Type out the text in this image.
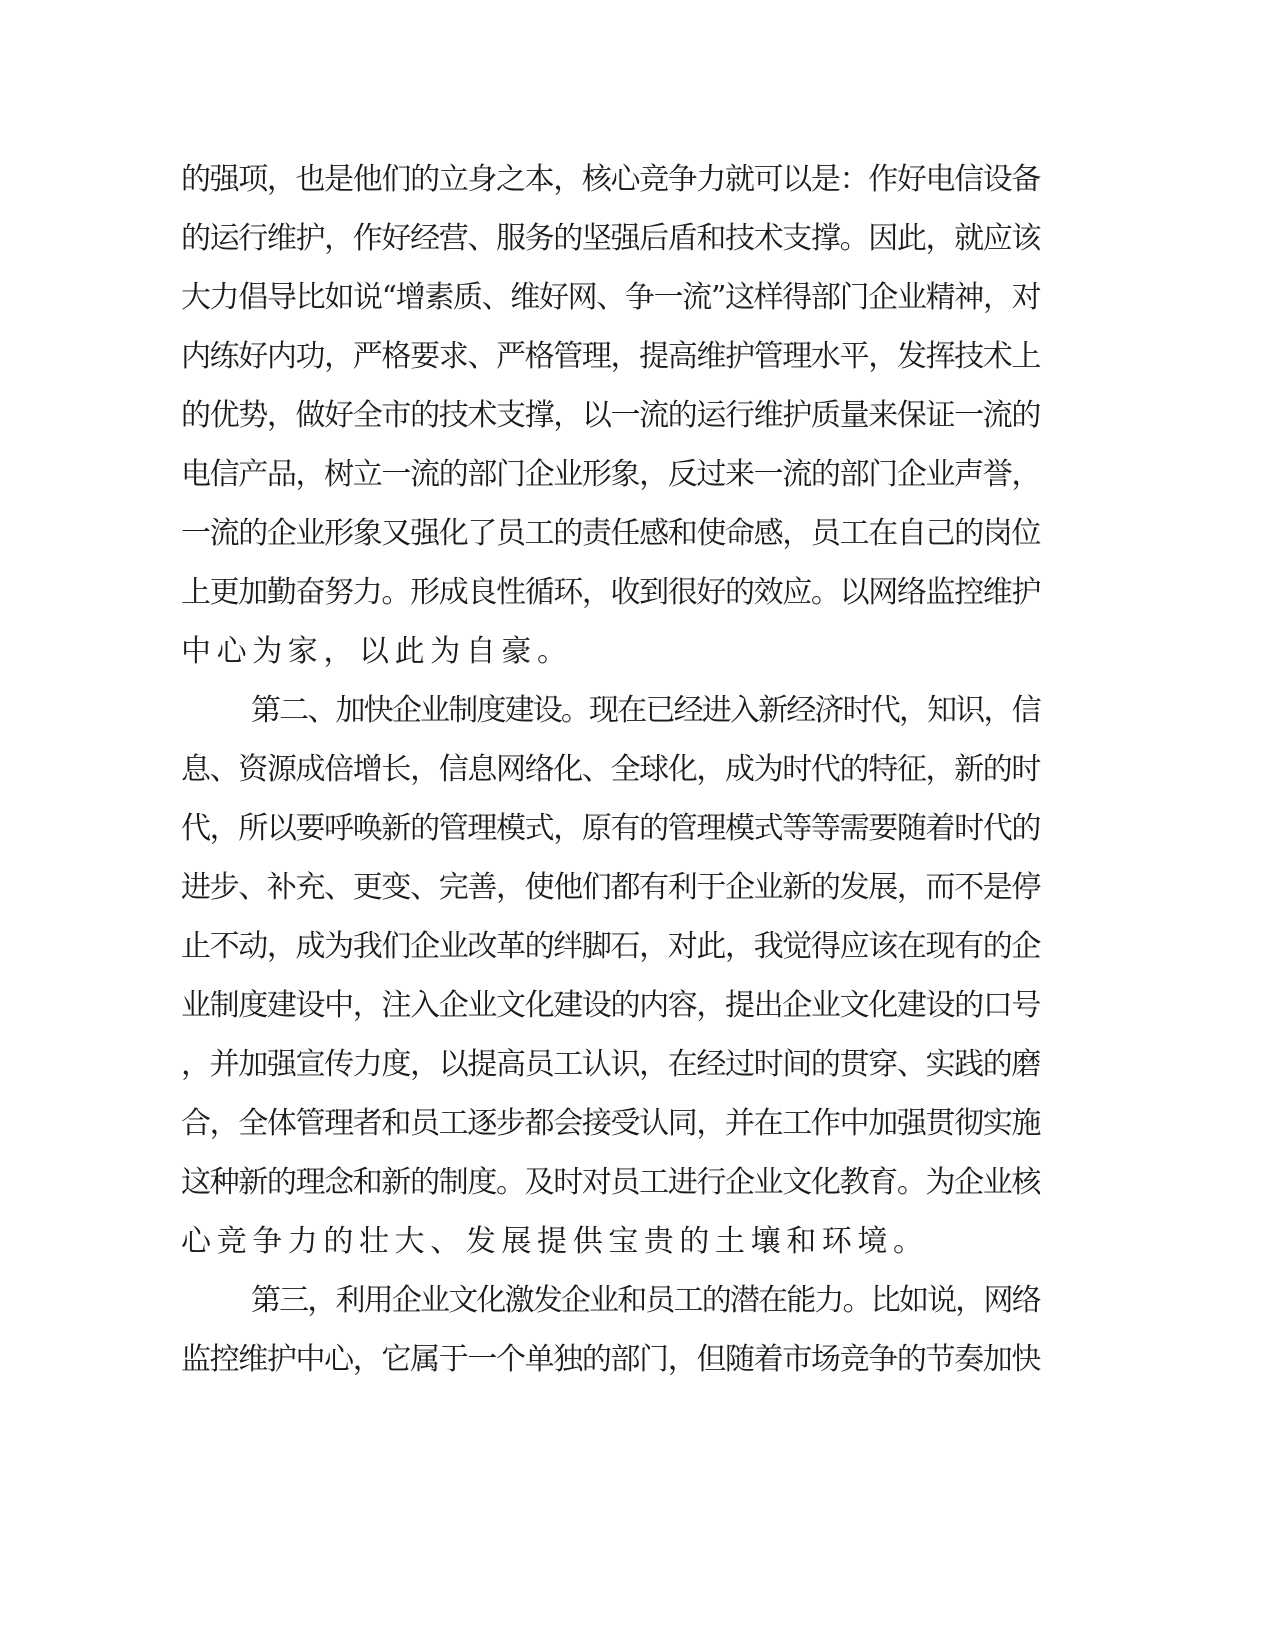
的强项，也是他们的立身之本，核心竞争力就可以是：作好电信设备
的运行维护，作好经营、服务的坚强后盾和技术支撑。因此，就应该
大力倡导比如说“增素质、维好网、争一流”这样得部门企业精神，对
内练好内功，严格要求、严格管理，提高维护管理水平，发挥技术上
的优势，做好全市的技术支撑，以一流的运行维护质量来保证一流的
电信产品，树立一流的部门企业形象，反过来一流的部门企业声誉，
一流的企业形象又强化了员工的责任感和使命感，员工在自己的岗位
上更加勤奋努力。形成良性循环，收到很好的效应。以网络监控维护
中心为家，以此为自豪。
第二、加快企业制度建设。现在已经进入新经济时代，知识，信
息、资源成倍增长，信息网络化、全球化，成为时代的特征，新的时
代，所以要呼唤新的管理模式，原有的管理模式等等需要随着时代的
进步、补充、更变、完善，使他们都有利于企业新的发展，而不是停
止不动，成为我们企业改革的绊脚石，对此，我觉得应该在现有的企
业制度建设中，注入企业文化建设的内容，提出企业文化建设的口号
，并加强宣传力度，以提高员工认识，在经过时间的贯穿、实践的磨
合，全体管理者和员工逐步都会接受认同，并在工作中加强贯彻实施
这种新的理念和新的制度。及时对员工进行企业文化教育。为企业核
心竞争力的壮大、发展提供宝贵的土壤和环境。
第三，利用企业文化激发企业和员工的潜在能力。比如说，网络
监控维护中心，它属于一个单独的部门，但随着市场竞争的节奏加快
